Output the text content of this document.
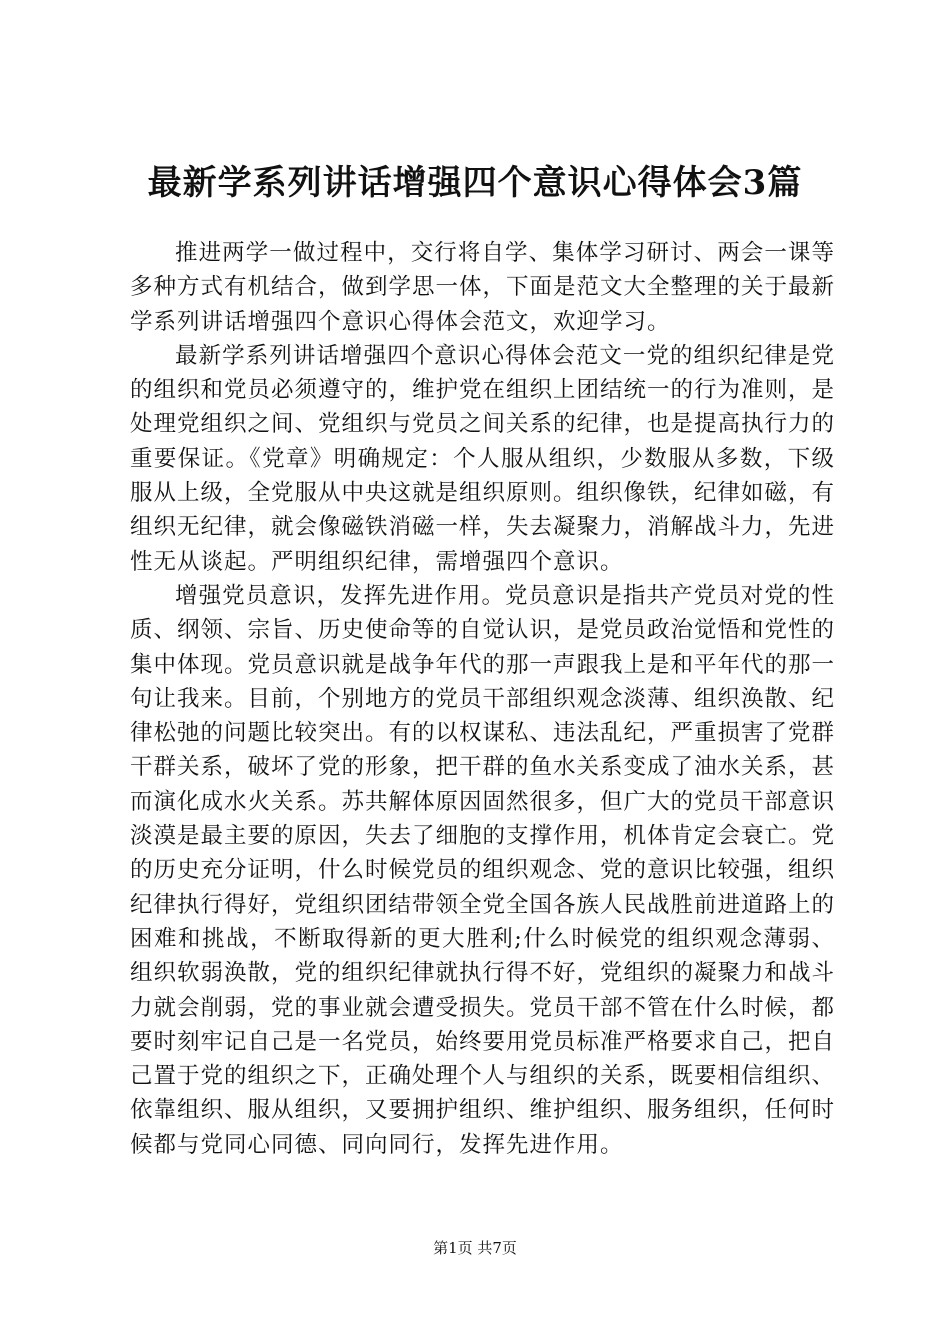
最新学系列讲话增强四个意识心得体会3篇

推进两学一做过程中，交行将自学、集体学习研讨、两会一课等多种方式有机结合，做到学思一体，下面是范文大全整理的关于最新学系列讲话增强四个意识心得体会范文，欢迎学习。

最新学系列讲话增强四个意识心得体会范文一党的组织纪律是党的组织和党员必须遵守的，维护党在组织上团结统一的行为准则，是处理党组织之间、党组织与党员之间关系的纪律，也是提高执行力的重要保证。《党章》明确规定：个人服从组织，少数服从多数，下级服从上级，全党服从中央这就是组织原则。组织像铁，纪律如磁，有组织无纪律，就会像磁铁消磁一样，失去凝聚力，消解战斗力，先进性无从谈起。严明组织纪律，需增强四个意识。

增强党员意识，发挥先进作用。党员意识是指共产党员对党的性质、纲领、宗旨、历史使命等的自觉认识，是党员政治觉悟和党性的集中体现。党员意识就是战争年代的那一声跟我上是和平年代的那一句让我来。目前，个别地方的党员干部组织观念淡薄、组织涣散、纪律松弛的问题比较突出。有的以权谋私、违法乱纪，严重损害了党群干群关系，破坏了党的形象，把干群的鱼水关系变成了油水关系，甚而演化成水火关系。苏共解体原因固然很多，但广大的党员干部意识淡漠是最主要的原因，失去了细胞的支撑作用，机体肯定会衰亡。党的历史充分证明，什么时候党员的组织观念、党的意识比较强，组织纪律执行得好，党组织团结带领全党全国各族人民战胜前进道路上的困难和挑战，不断取得新的更大胜利;什么时候党的组织观念薄弱、组织软弱涣散，党的组织纪律就执行得不好，党组织的凝聚力和战斗力就会削弱，党的事业就会遭受损失。党员干部不管在什么时候，都要时刻牢记自己是一名党员，始终要用党员标准严格要求自己，把自己置于党的组织之下，正确处理个人与组织的关系，既要相信组织、依靠组织、服从组织，又要拥护组织、维护组织、服务组织，任何时候都与党同心同德、同向同行，发挥先进作用。

第1页 共7页
